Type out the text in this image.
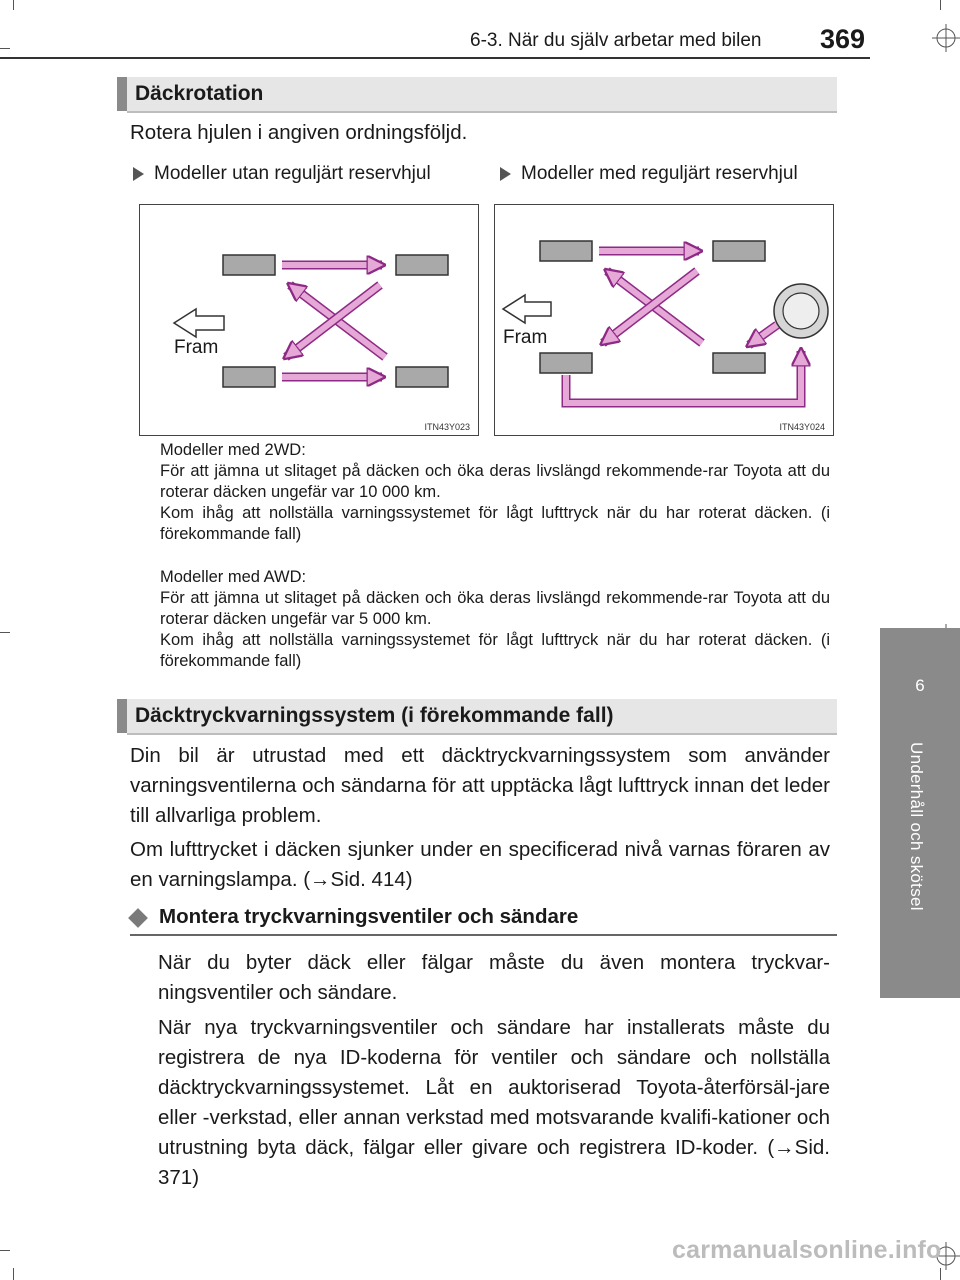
6-3. När du själv arbetar med bilen 369
6
Underhåll och skötsel
Däckrotation
Rotera hjulen i angiven ordningsföljd.
Modeller utan reguljärt reservhjul	Modeller med reguljärt reservhjul
Fram
ITN43Y023
Fram
ITN43Y024
Modeller med 2WD:
För att jämna ut slitaget på däcken och öka deras livslängd rekommende-rar Toyota att du roterar däcken ungefär var 10 000 km.
Kom ihåg att nollställa varningssystemet för lågt lufttryck när du har roterat däcken. (i förekommande fall)
Modeller med AWD:
För att jämna ut slitaget på däcken och öka deras livslängd rekommende-rar Toyota att du roterar däcken ungefär var 5 000 km.
Kom ihåg att nollställa varningssystemet för lågt lufttryck när du har roterat däcken. (i förekommande fall)
Däcktryckvarningssystem (i förekommande fall)
Din bil är utrustad med ett däcktryckvarningssystem som använder varningsventilerna och sändarna för att upptäcka lågt lufttryck innan det leder till allvarliga problem.
Om lufttrycket i däcken sjunker under en specificerad nivå varnas föraren av en varningslampa. (→Sid. 414)
Montera tryckvarningsventiler och sändare
När du byter däck eller fälgar måste du även montera tryckvar-ningsventiler och sändare.
När nya tryckvarningsventiler och sändare har installerats måste du registrera de nya ID-koderna för ventiler och sändare och nollställa däcktryckvarningssystemet. Låt en auktoriserad Toyota-återförsäl-jare eller -verkstad, eller annan verkstad med motsvarande kvalifi-kationer och utrustning byta däck, fälgar eller givare och registrera ID-koder. (→Sid. 371)
carmanualsonline.info
